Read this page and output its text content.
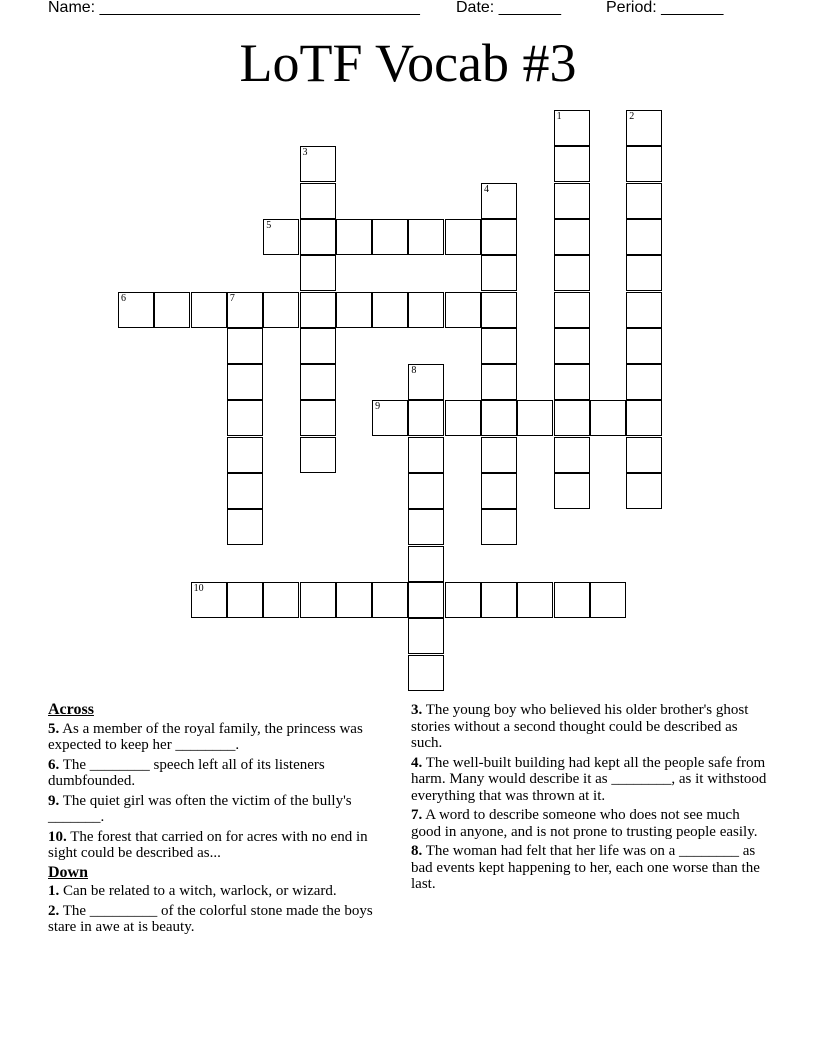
Name: ____________________________________ Date: _______	Period: _______
LoTF Vocab #3
1	2
3
4
5
6	7
8
9
10
Across

5. As a member of the royal family, the princess was expected to keep her ________.

6. The ________ speech left all of its listeners dumbfounded.

9. The quiet girl was often the victim of the bully's _______.

10. The forest that carried on for acres with no end in sight could be described as...

Down

1. Can be related to a witch, warlock, or wizard.

2. The _________ of the colorful stone made the boys stare in awe at is beauty.

3. The young boy who believed his older brother's ghost stories without a second thought could be described as such.

4. The well-built building had kept all the people safe from harm. Many would describe it as ________, as it withstood everything that was thrown at it.

7. A word to describe someone who does not see much good in anyone, and is not prone to trusting people easily.

8. The woman had felt that her life was on a ________ as bad events kept happening to her, each one worse than the last.
